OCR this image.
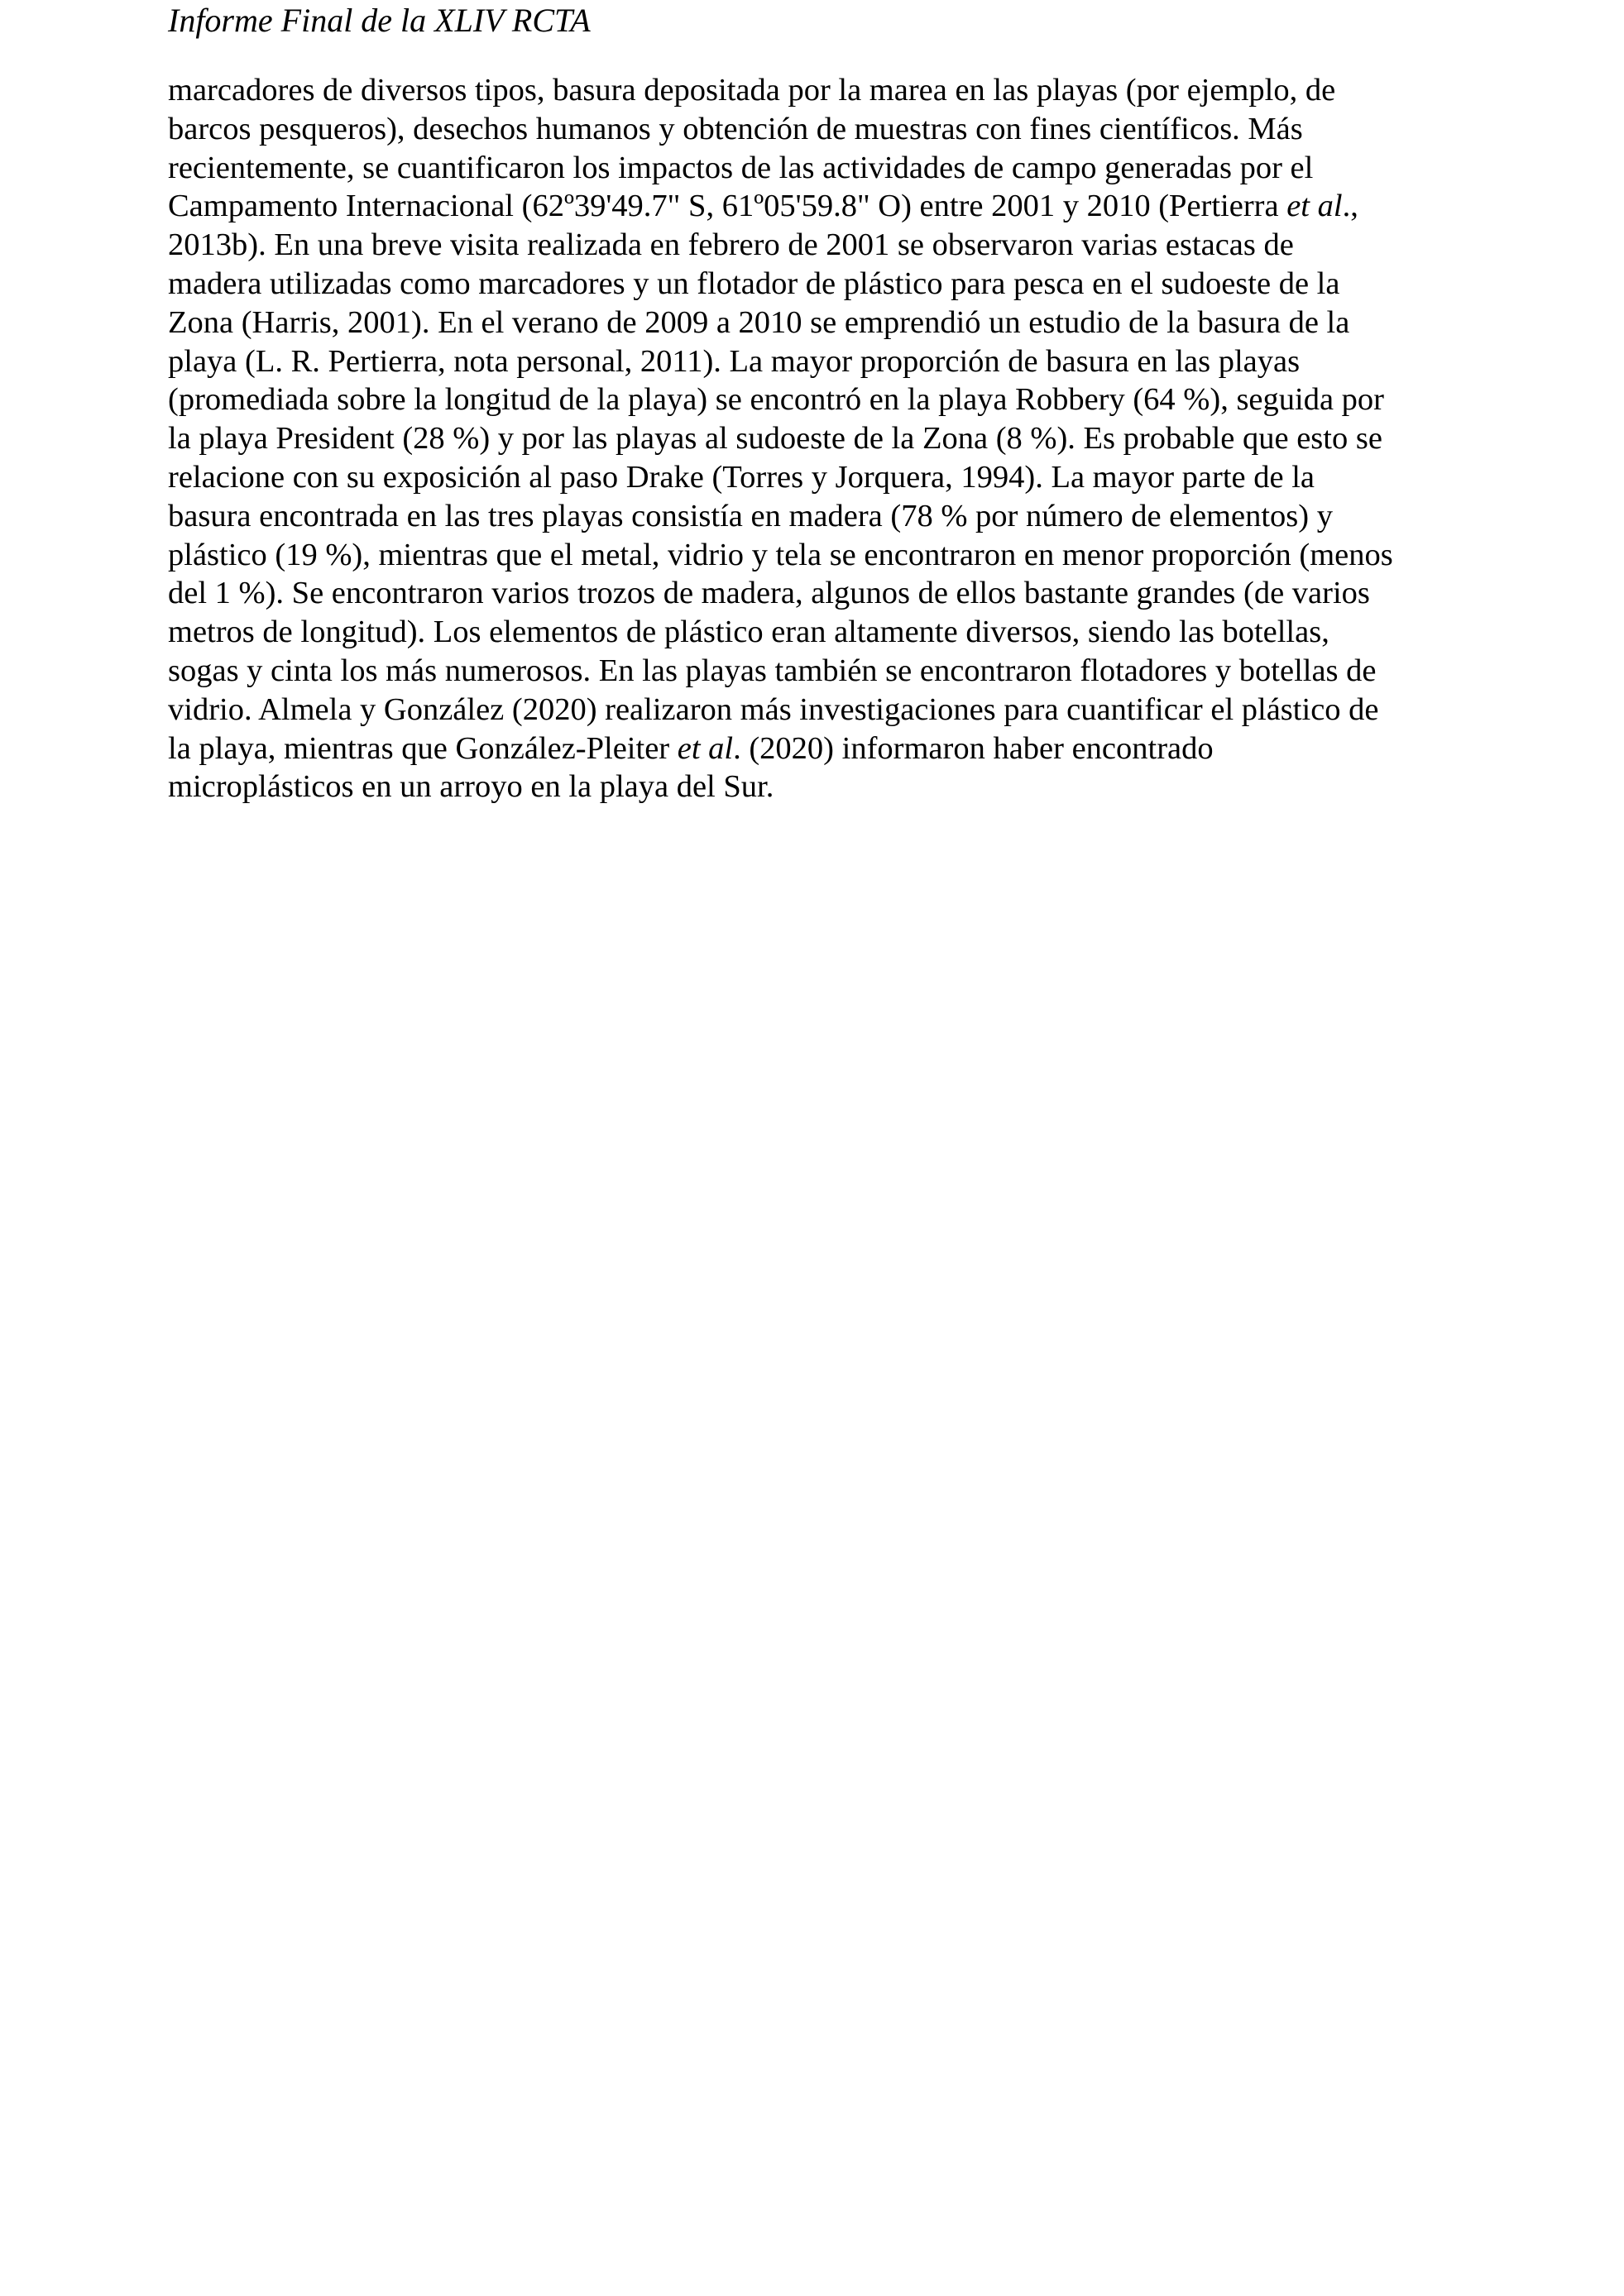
Informe Final de la XLIV RCTA
marcadores de diversos tipos, basura depositada por la marea en las playas (por ejemplo, de
barcos pesqueros), desechos humanos y obtención de muestras con fines científicos. Más
recientemente, se cuantificaron los impactos de las actividades de campo generadas por el
Campamento Internacional (62º39'49.7" S, 61º05'59.8" O) entre 2001 y 2010 (Pertierra et al.,
2013b). En una breve visita realizada en febrero de 2001 se observaron varias estacas de
madera utilizadas como marcadores y un flotador de plástico para pesca en el sudoeste de la
Zona (Harris, 2001). En el verano de 2009 a 2010 se emprendió un estudio de la basura de la
playa (L. R. Pertierra, nota personal, 2011). La mayor proporción de basura en las playas
(promediada sobre la longitud de la playa) se encontró en la playa Robbery (64 %), seguida por
la playa President (28 %) y por las playas al sudoeste de la Zona (8 %). Es probable que esto se
relacione con su exposición al paso Drake (Torres y Jorquera, 1994). La mayor parte de la
basura encontrada en las tres playas consistía en madera (78 % por número de elementos) y
plástico (19 %), mientras que el metal, vidrio y tela se encontraron en menor proporción (menos
del 1 %). Se encontraron varios trozos de madera, algunos de ellos bastante grandes (de varios
metros de longitud). Los elementos de plástico eran altamente diversos, siendo las botellas,
sogas y cinta los más numerosos. En las playas también se encontraron flotadores y botellas de
vidrio. Almela y González (2020) realizaron más investigaciones para cuantificar el plástico de
la playa, mientras que González-Pleiter et al. (2020) informaron haber encontrado
microplásticos en un arroyo en la playa del Sur.
